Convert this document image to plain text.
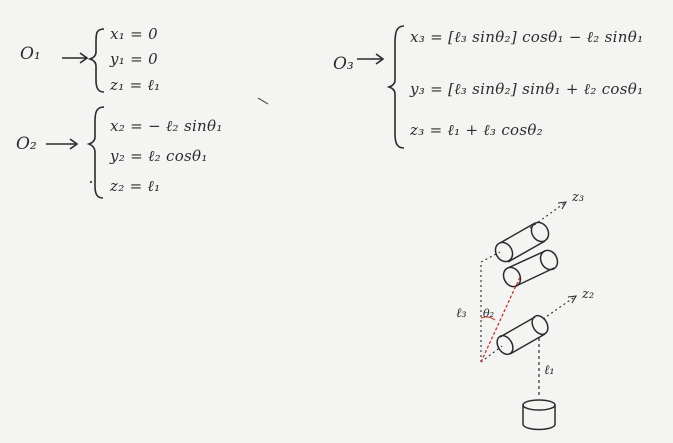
O₁
x₁ = 0
y₁ = 0
z₁ = ℓ₁
O₂
x₂ = − ℓ₂ sinθ₁
y₂ = ℓ₂ cosθ₁
z₂ = ℓ₁
O₃
x₃ = [ℓ₃ sinθ₂] cosθ₁ − ℓ₂ sinθ₁
y₃ = [ℓ₃ sinθ₂] sinθ₁ + ℓ₂ cosθ₁
z₃ = ℓ₁ + ℓ₃ cosθ₂
z₃
z₂
ℓ₃ θ₂
ℓ₁
